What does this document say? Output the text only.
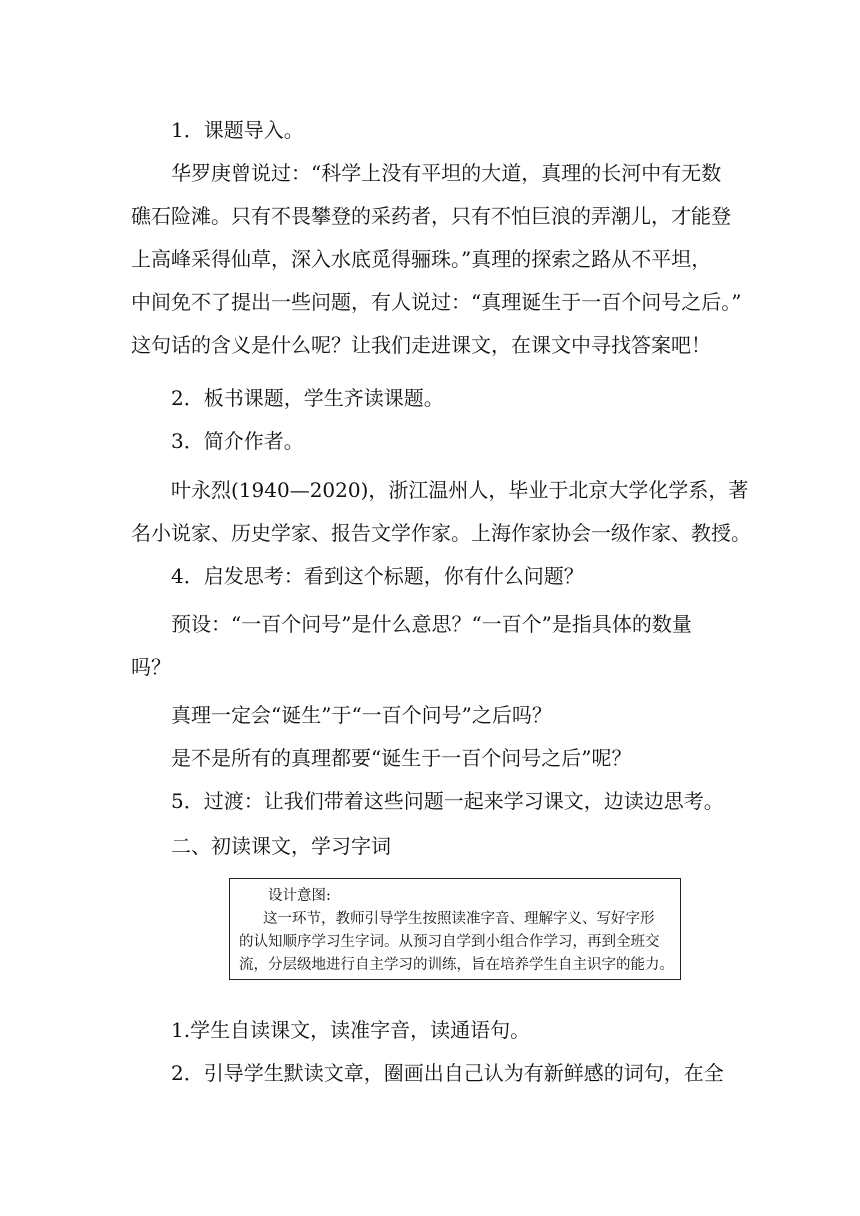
1．课题导入。
华罗庚曾说过：“科学上没有平坦的大道，真理的长河中有无数
礁石险滩。只有不畏攀登的采药者，只有不怕巨浪的弄潮儿，才能登
上高峰采得仙草，深入水底觅得骊珠。”真理的探索之路从不平坦，
中间免不了提出一些问题，有人说过：“真理诞生于一百个问号之后。”
这句话的含义是什么呢？让我们走进课文，在课文中寻找答案吧！
2．板书课题，学生齐读课题。
3．简介作者。
叶永烈(1940—2020)，浙江温州人，毕业于北京大学化学系，著
名小说家、历史学家、报告文学作家。上海作家协会一级作家、教授。
4．启发思考：看到这个标题，你有什么问题？
预设：“一百个问号”是什么意思？“一百个”是指具体的数量
吗？
真理一定会“诞生”于“一百个问号”之后吗？
是不是所有的真理都要“诞生于一百个问号之后”呢？
5．过渡：让我们带着这些问题一起来学习课文，边读边思考。
二、初读课文，学习字词
设计意图:
这一环节，教师引导学生按照读准字音、理解字义、写好字形
的认知顺序学习生字词。从预习自学到小组合作学习，再到全班交
流，分层级地进行自主学习的训练，旨在培养学生自主识字的能力。
1.学生自读课文，读准字音，读通语句。
2．引导学生默读文章，圈画出自己认为有新鲜感的词句，在全
